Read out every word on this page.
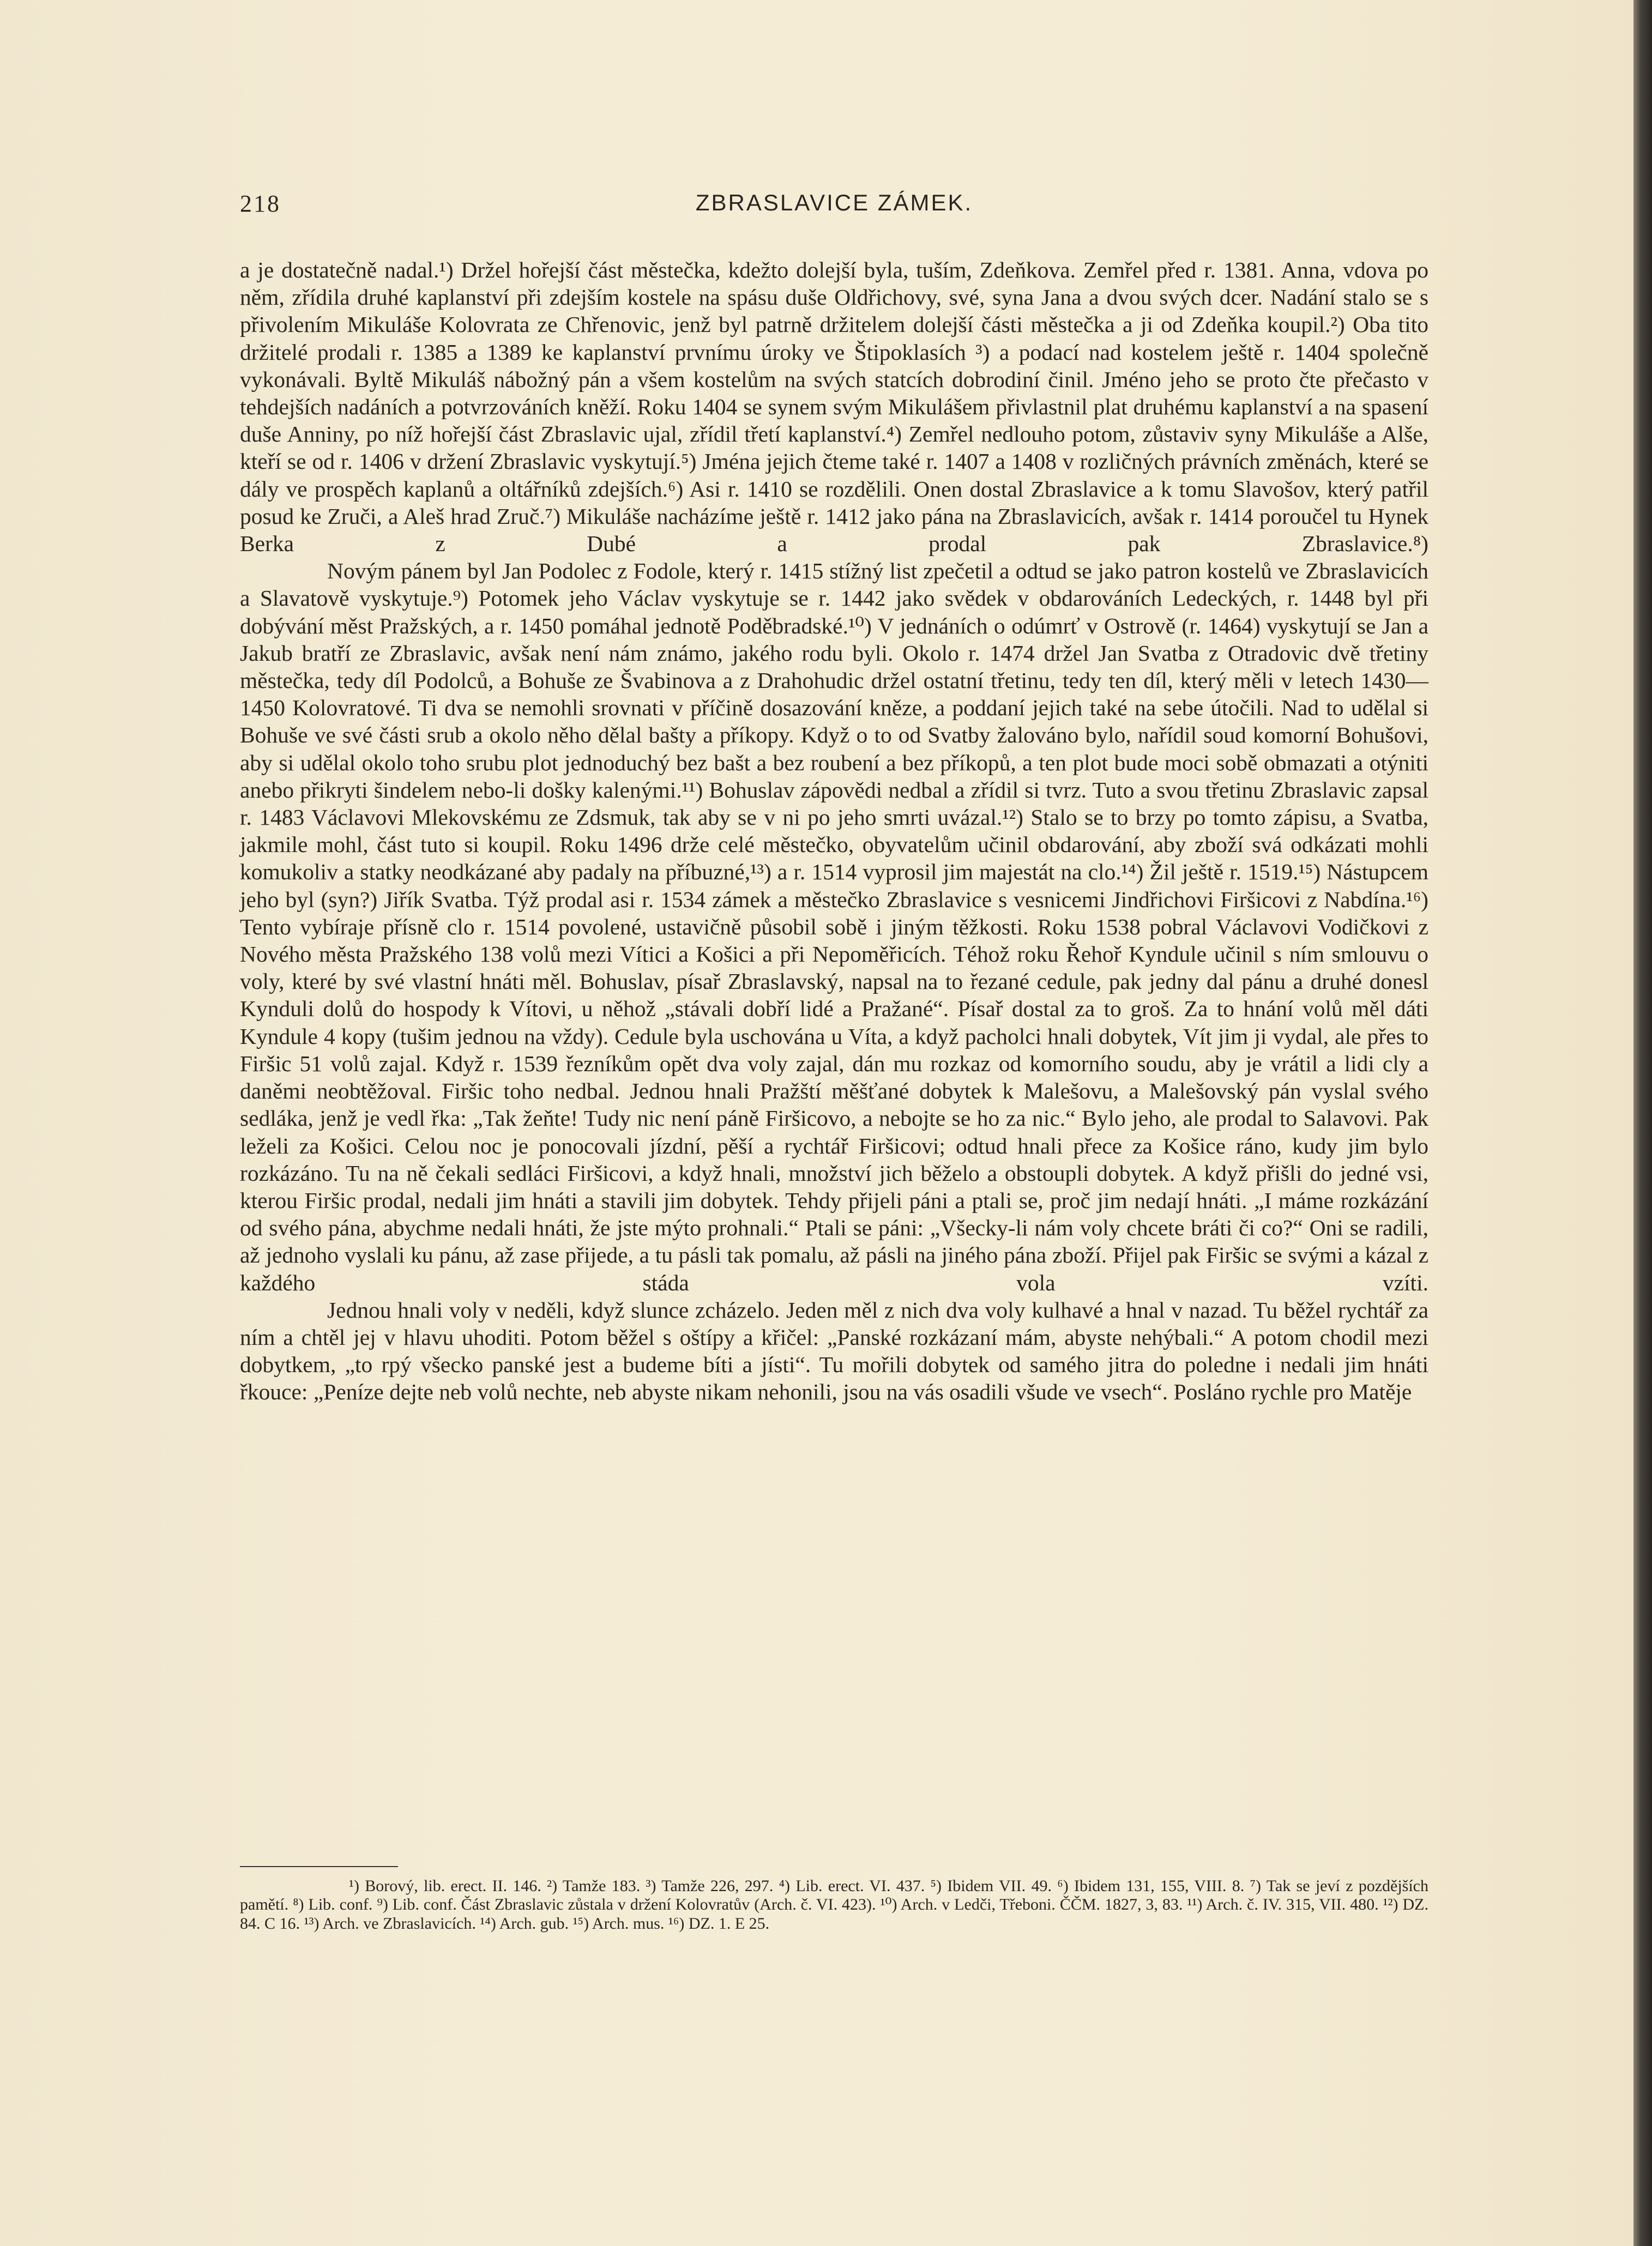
218	ZBRASLAVICE ZÁMEK.

a je dostatečně nadal.¹) Držel hořejší část městečka, kdežto dolejší byla, tuším, Zdeňkova. Zemřel před r. 1381. Anna, vdova po něm, zřídila druhé kaplanství při zdejším kostele na spásu duše Oldřichovy, své, syna Jana a dvou svých dcer. Nadání stalo se s přivolením Mikuláše Kolovrata ze Chřenovic, jenž byl patrně držitelem dolejší části městečka a ji od Zdeňka koupil.²) Oba tito držitelé prodali r. 1385 a 1389 ke kaplanství prvnímu úroky ve Štipoklasích ³) a podací nad kostelem ještě r. 1404 společně vykonávali. Byltě Mikuláš nábožný pán a všem kostelům na svých statcích dobrodiní činil. Jméno jeho se proto čte přečasto v tehdejších nadáních a potvrzováních kněží. Roku 1404 se synem svým Mikulášem přivlastnil plat druhému kaplanství a na spasení duše Anniny, po níž hořejší část Zbraslavic ujal, zřídil třetí kaplanství.⁴) Zemřel nedlouho potom, zůstaviv syny Mikuláše a Alše, kteří se od r. 1406 v držení Zbraslavic vyskytují.⁵) Jména jejich čteme také r. 1407 a 1408 v rozličných právních změnách, které se dály ve prospěch kaplanů a oltářníků zdejších.⁶) Asi r. 1410 se rozdělili. Onen dostal Zbraslavice a k tomu Slavošov, který patřil posud ke Zruči, a Aleš hrad Zruč.⁷) Mikuláše nacházíme ještě r. 1412 jako pána na Zbraslavicích, avšak r. 1414 poroučel tu Hynek Berka z Dubé a prodal pak Zbraslavice.⁸)

Novým pánem byl Jan Podolec z Fodole, který r. 1415 stížný list zpečetil a odtud se jako patron kostelů ve Zbraslavicích a Slavatově vyskytuje.⁹) Potomek jeho Václav vyskytuje se r. 1442 jako svědek v obdarováních Ledeckých, r. 1448 byl při dobývání měst Pražských, a r. 1450 pomáhal jednotě Poděbradské.¹⁰) V jednáních o odúmrť v Ostrově (r. 1464) vyskytují se Jan a Jakub bratří ze Zbraslavic, avšak není nám známo, jakého rodu byli. Okolo r. 1474 držel Jan Svatba z Otradovic dvě třetiny městečka, tedy díl Podolců, a Bohuše ze Švabinova a z Drahohudic držel ostatní třetinu, tedy ten díl, který měli v letech 1430—1450 Kolovratové. Ti dva se nemohli srovnati v příčině dosazování kněze, a poddaní jejich také na sebe útočili. Nad to udělal si Bohuše ve své části srub a okolo něho dělal bašty a příkopy. Když o to od Svatby žalováno bylo, nařídil soud komorní Bohušovi, aby si udělal okolo toho srubu plot jednoduchý bez bašt a bez roubení a bez příkopů, a ten plot bude moci sobě obmazati a otýniti anebo přikryti šindelem nebo-li došky kalenými.¹¹) Bohuslav zápovědi nedbal a zřídil si tvrz. Tuto a svou třetinu Zbraslavic zapsal r. 1483 Václavovi Mlekovskému ze Zdsmuk, tak aby se v ni po jeho smrti uvázal.¹²) Stalo se to brzy po tomto zápisu, a Svatba, jakmile mohl, část tuto si koupil. Roku 1496 drže celé městečko, obyvatelům učinil obdarování, aby zboží svá odkázati mohli komukoliv a statky neodkázané aby padaly na příbuzné,¹³) a r. 1514 vyprosil jim majestát na clo.¹⁴) Žil ještě r. 1519.¹⁵) Nástupcem jeho byl (syn?) Jiřík Svatba. Týž prodal asi r. 1534 zámek a městečko Zbraslavice s vesnicemi Jindřichovi Firšicovi z Nabdína.¹⁶) Tento vybíraje přísně clo r. 1514 povolené, ustavičně působil sobě i jiným těžkosti. Roku 1538 pobral Václavovi Vodičkovi z Nového města Pražského 138 volů mezi Vítici a Košici a při Nepoměřicích. Téhož roku Řehoř Kyndule učinil s ním smlouvu o voly, které by své vlastní hnáti měl. Bohuslav, písař Zbraslavský, napsal na to řezané cedule, pak jedny dal pánu a druhé donesl Kynduli dolů do hospody k Vítovi, u něhož „stávali dobří lidé a Pražané“. Písař dostal za to groš. Za to hnání volů měl dáti Kyndule 4 kopy (tušim jednou na vždy). Cedule byla uschována u Víta, a když pacholci hnali dobytek, Vít jim ji vydal, ale přes to Firšic 51 volů zajal. Když r. 1539 řezníkům opět dva voly zajal, dán mu rozkaz od komorního soudu, aby je vrátil a lidi cly a daněmi neobtěžoval. Firšic toho nedbal. Jednou hnali Pražští měšťané dobytek k Malešovu, a Malešovský pán vyslal svého sedláka, jenž je vedl řka: „Tak žeňte! Tudy nic není páně Firšicovo, a nebojte se ho za nic.“ Bylo jeho, ale prodal to Salavovi. Pak leželi za Košici. Celou noc je ponocovali jízdní, pěší a rychtář Firšicovi; odtud hnali přece za Košice ráno, kudy jim bylo rozkázáno. Tu na ně čekali sedláci Firšicovi, a když hnali, množství jich běželo a obstoupli dobytek. A když přišli do jedné vsi, kterou Firšic prodal, nedali jim hnáti a stavili jim dobytek. Tehdy přijeli páni a ptali se, proč jim nedají hnáti. „I máme rozkázání od svého pána, abychme nedali hnáti, že jste mýto prohnali.“ Ptali se páni: „Všecky-li nám voly chcete bráti či co?“ Oni se radili, až jednoho vyslali ku pánu, až zase přijede, a tu pásli tak pomalu, až pásli na jiného pána zboží. Přijel pak Firšic se svými a kázal z každého stáda vola vzíti.

Jednou hnali voly v neděli, když slunce zcházelo. Jeden měl z nich dva voly kulhavé a hnal v nazad. Tu běžel rychtář za ním a chtěl jej v hlavu uhoditi. Potom běžel s oštípy a křičel: „Panské rozkázaní mám, abyste nehýbali.“ A potom chodil mezi dobytkem, „to rpý všecko panské jest a budeme bíti a jísti“. Tu mořili dobytek od samého jitra do poledne i nedali jim hnáti řkouce: „Peníze dejte neb volů nechte, neb abyste nikam nehonili, jsou na vás osadili všude ve vsech“. Posláno rychle pro Matěje

¹) Borový, lib. erect. II. 146. ²) Tamže 183. ³) Tamže 226, 297. ⁴) Lib. erect. VI. 437. ⁵) Ibidem VII. 49. ⁶) Ibidem 131, 155, VIII. 8. ⁷) Tak se jeví z pozdějších pamětí. ⁸) Lib. conf. ⁹) Lib. conf. Část Zbraslavic zůstala v držení Kolovratův (Arch. č. VI. 423). ¹⁰) Arch. v Ledči, Třeboni. ČČM. 1827, 3, 83. ¹¹) Arch. č. IV. 315, VII. 480. ¹²) DZ. 84. C 16. ¹³) Arch. ve Zbraslavicích. ¹⁴) Arch. gub. ¹⁵) Arch. mus. ¹⁶) DZ. 1. E 25.
